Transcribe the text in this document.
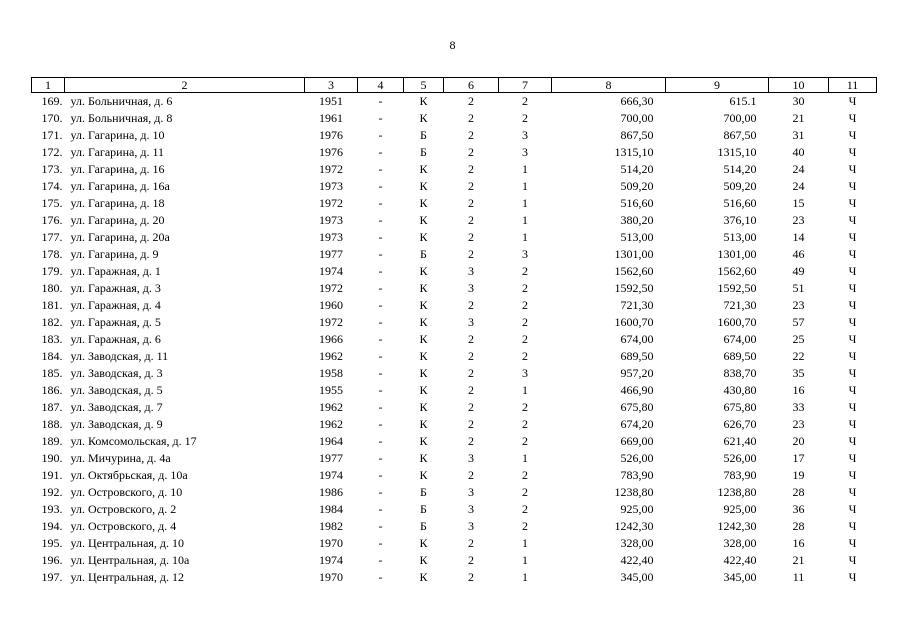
8
1	2	3	4	5	6	7	8	9	10	11
169.	ул. Больничная, д. 6	1951	-	К	2	2	666,30	615.1	30	Ч
170.	ул. Больничная, д. 8	1961	-	К	2	2	700,00	700,00	21	Ч
171.	ул. Гагарина, д. 10	1976	-	Б	2	3	867,50	867,50	31	Ч
172.	ул. Гагарина, д. 11	1976	-	Б	2	3	1315,10	1315,10	40	Ч
173.	ул. Гагарина, д. 16	1972	-	К	2	1	514,20	514,20	24	Ч
174.	ул. Гагарина, д. 16а	1973	-	К	2	1	509,20	509,20	24	Ч
175.	ул. Гагарина, д. 18	1972	-	К	2	1	516,60	516,60	15	Ч
176.	ул. Гагарина, д. 20	1973	-	К	2	1	380,20	376,10	23	Ч
177.	ул. Гагарина, д. 20а	1973	-	К	2	1	513,00	513,00	14	Ч
178.	ул. Гагарина, д. 9	1977	-	Б	2	3	1301,00	1301,00	46	Ч
179.	ул. Гаражная, д. 1	1974	-	К	3	2	1562,60	1562,60	49	Ч
180.	ул. Гаражная, д. 3	1972	-	К	3	2	1592,50	1592,50	51	Ч
181.	ул. Гаражная, д. 4	1960	-	К	2	2	721,30	721,30	23	Ч
182.	ул. Гаражная, д. 5	1972	-	К	3	2	1600,70	1600,70	57	Ч
183.	ул. Гаражная, д. 6	1966	-	К	2	2	674,00	674,00	25	Ч
184.	ул. Заводская, д. 11	1962	-	К	2	2	689,50	689,50	22	Ч
185.	ул. Заводская, д. 3	1958	-	К	2	3	957,20	838,70	35	Ч
186.	ул. Заводская, д. 5	1955	-	К	2	1	466,90	430,80	16	Ч
187.	ул. Заводская, д. 7	1962	-	К	2	2	675,80	675,80	33	Ч
188.	ул. Заводская, д. 9	1962	-	К	2	2	674,20	626,70	23	Ч
189.	ул. Комсомольская, д. 17	1964	-	К	2	2	669,00	621,40	20	Ч
190.	ул. Мичурина, д. 4а	1977	-	К	3	1	526,00	526,00	17	Ч
191.	ул. Октябрьская, д. 10а	1974	-	К	2	2	783,90	783,90	19	Ч
192.	ул. Островского, д. 10	1986	-	Б	3	2	1238,80	1238,80	28	Ч
193.	ул. Островского, д. 2	1984	-	Б	3	2	925,00	925,00	36	Ч
194.	ул. Островского, д. 4	1982	-	Б	3	2	1242,30	1242,30	28	Ч
195.	ул. Центральная, д. 10	1970	-	К	2	1	328,00	328,00	16	Ч
196.	ул. Центральная, д. 10а	1974	-	К	2	1	422,40	422,40	21	Ч
197.	ул. Центральная, д. 12	1970	-	К	2	1	345,00	345,00	11	Ч
